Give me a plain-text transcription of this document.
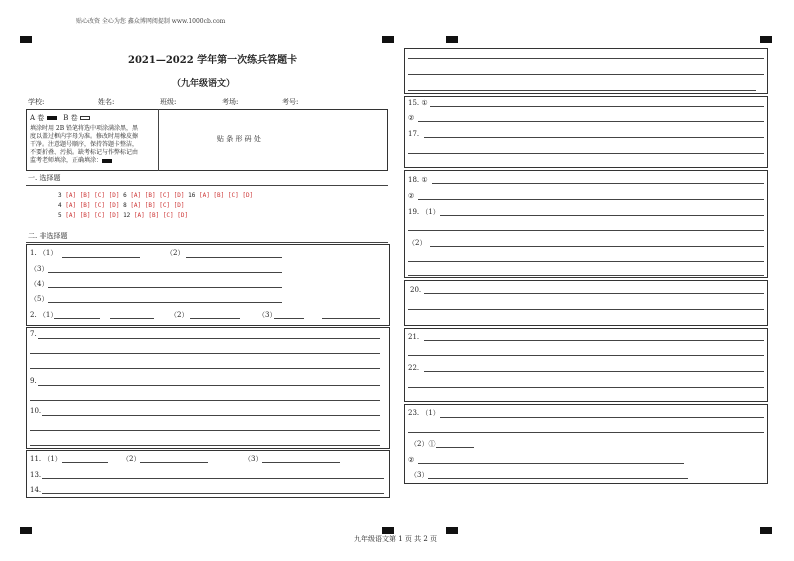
贴心改资 全心为您 鑫众博网阅提制 www.1000cb.com
2021—2022 学年第一次练兵答题卡
（九年级语文）
学校:	姓名:	班级:	考场:	考号:
A 卷	B 卷
填涂时用 2B 铅笔将选中项涂满涂黑，黑
度以盖过框内字母为准。修改时用橡皮擦
干净。注意题号顺序，保持答题卡整洁，
不要折叠、污损。缺考标记与作弊标记由
监考老师填涂，正确填涂：
贴 条 形 码 处
一. 选择题
3 [A] [B] [C] [D] 6 [A] [B] [C] [D] 16 [A] [B] [C] [D]
4 [A] [B] [C] [D] 8 [A] [B] [C] [D]
5 [A] [B] [C] [D] 12 [A] [B] [C] [D]
二. 非选择题
1. （1）	（2）
（3）
（4）
（5）
2. （1）	（2）	（3）
7.
9.
10.
11. （1）	（2）	（3）
13.
14.
15. ①
②
17.
18. ①
②
19. （1）
（2）
20.
21.
22.
23. （1）
（2）①
②
（3）
九年级语文第 1 页 共 2 页
